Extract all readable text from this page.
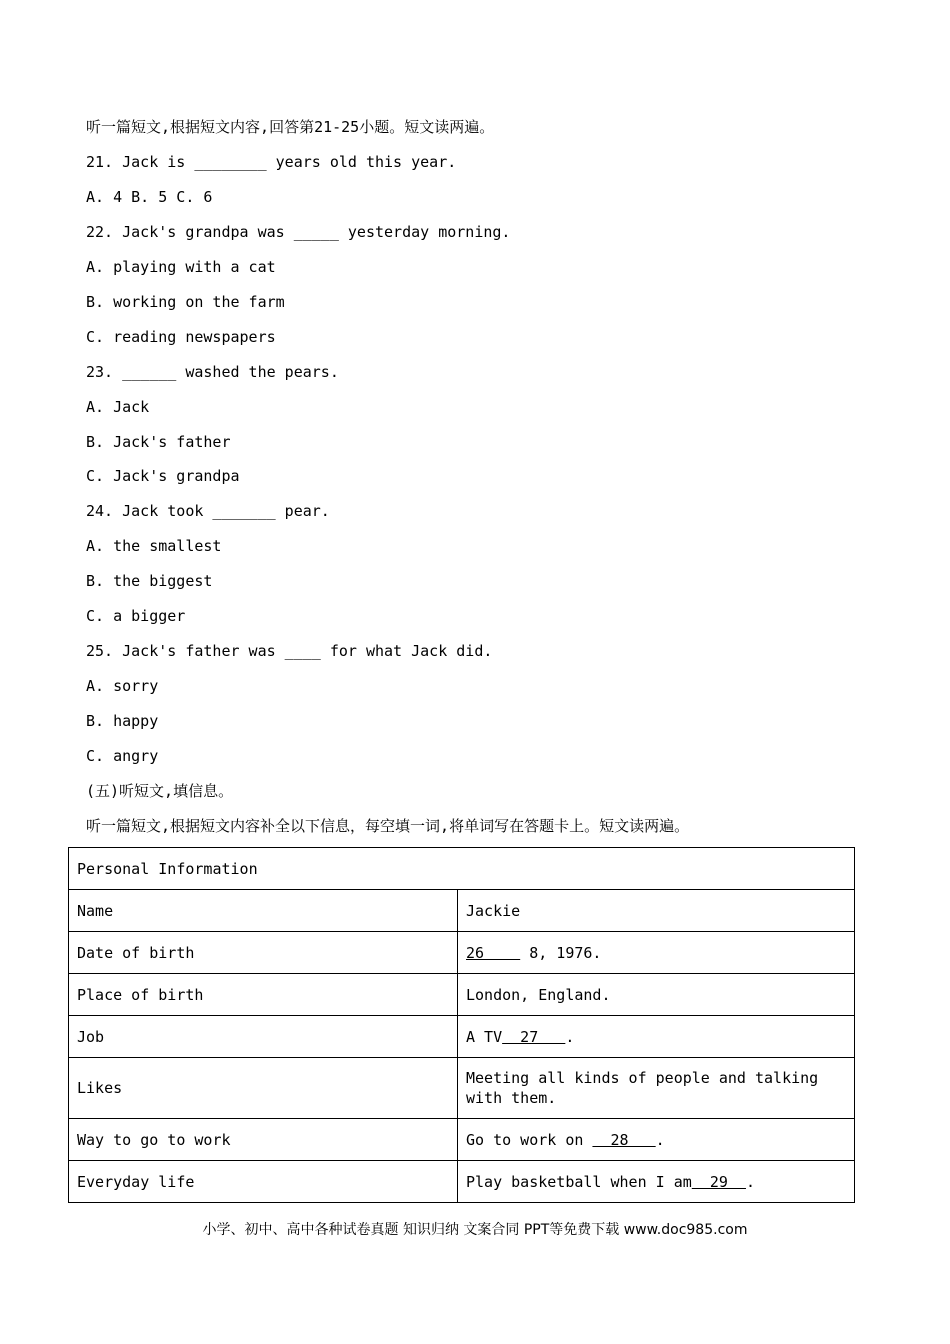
听一篇短文,根据短文内容,回答第21-25小题。短文读两遍。
21. Jack is ________ years old this year.
A. 4 B. 5 C. 6
22. Jack's grandpa was _____ yesterday morning.
A. playing with a cat
B. working on the farm
C. reading newspapers
23. ______ washed the pears.
A. Jack
B. Jack's father
C. Jack's grandpa
24. Jack took _______ pear.
A. the smallest
B. the biggest
C. a bigger
25. Jack's father was ____ for what Jack did.
A. sorry
B. happy
C. angry
(五)听短文,填信息。
听一篇短文,根据短文内容补全以下信息，每空填一词,将单词写在答题卡上。短文读两遍。
Personal Information	
Name	Jackie
Date of birth	26     8, 1976.
Place of birth	London, England.
Job	A TV  27   .
Likes	Meeting all kinds of people and talking with them.
Way to go to work	Go to work on   28   .
Everyday life	Play basketball when I am  29  .
小学、初中、高中各种试卷真题 知识归纳 文案合同 PPT等免费下载 www.doc985.com
